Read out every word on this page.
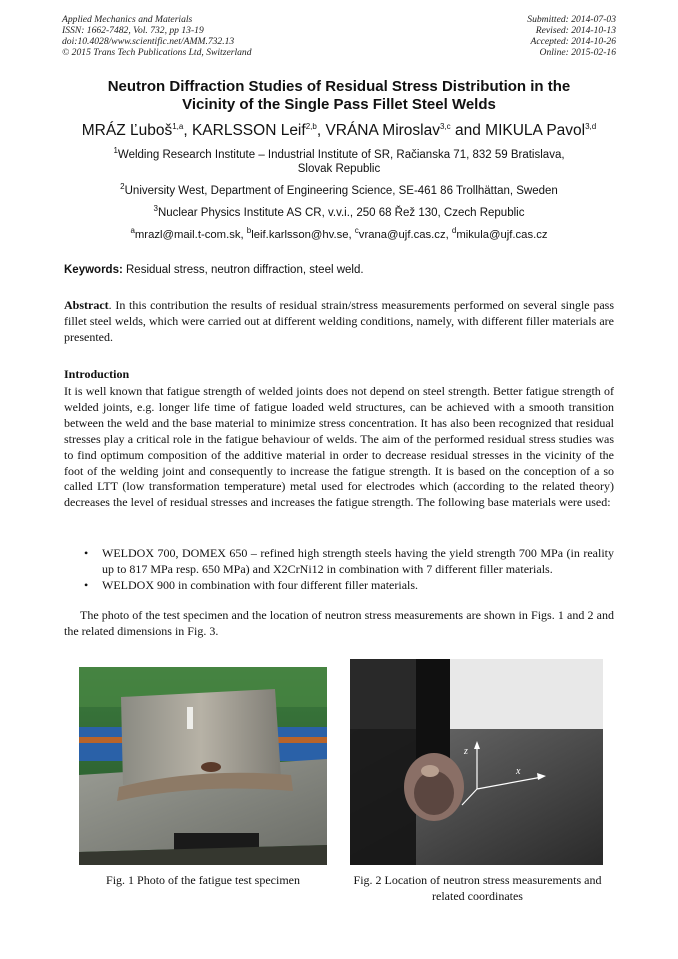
Applied Mechanics and Materials
ISSN: 1662-7482, Vol. 732, pp 13-19
doi:10.4028/www.scientific.net/AMM.732.13
© 2015 Trans Tech Publications Ltd, Switzerland
Submitted: 2014-07-03
Revised: 2014-10-13
Accepted: 2014-10-26
Online: 2015-02-16
Neutron Diffraction Studies of Residual Stress Distribution in the
Vicinity of the Single Pass Fillet Steel Welds
MRÁZ Ľuboš$^{1,a}$, KARLSSON Leif$^{2,b}$, VRÁNA Miroslav$^{3,c}$ and MIKULA Pavol$^{3,d}$
$^1$Welding Research Institute – Industrial Institute of SR, Račianska 71, 832 59 Bratislava,
Slovak Republic
$^2$University West, Department of Engineering Science, SE-461 86 Trollhättan, Sweden
$^3$Nuclear Physics Institute AS CR, v.v.i., 250 68 Řež 130, Czech Republic
$^a$mrazl@mail.t-com.sk, $^b$leif.karlsson@hv.se, $^c$vrana@ujf.cas.cz, $^d$mikula@ujf.cas.cz
Keywords: Residual stress, neutron diffraction, steel weld.
Abstract. In this contribution the results of residual strain/stress measurements performed on several single pass fillet steel welds, which were carried out at different welding conditions, namely, with different filler materials are presented.
Introduction
It is well known that fatigue strength of welded joints does not depend on steel strength. Better fatigue strength of welded joints, e.g. longer life time of fatigue loaded weld structures, can be achieved with a smooth transition between the weld and the base material to minimize stress concentration. It has also been recognized that residual stresses play a critical role in the fatigue behaviour of welds. The aim of the performed residual stress studies was to find optimum composition of the additive material in order to decrease residual stresses in the vicinity of the foot of the welding joint and consequently to increase the fatigue strength. It is based on the conception of a so called LTT (low transformation temperature) metal used for electrodes which (according to the related theory) decreases the level of residual stresses and increases the fatigue strength. The following base materials were used:
•	WELDOX 700, DOMEX 650 – refined high strength steels having the yield strength 700 MPa (in reality up to 817 MPa resp. 650 MPa) and X2CrNi12 in combination with 7 different filler materials.
•	WELDOX 900 in combination with four different filler materials.
The photo of the test specimen and the location of neutron stress measurements are shown in Figs. 1 and 2 and the related dimensions in Fig. 3.
z
x
Fig. 1 Photo of the fatigue test specimen	Fig. 2 Location of neutron stress measurements and related coordinates
